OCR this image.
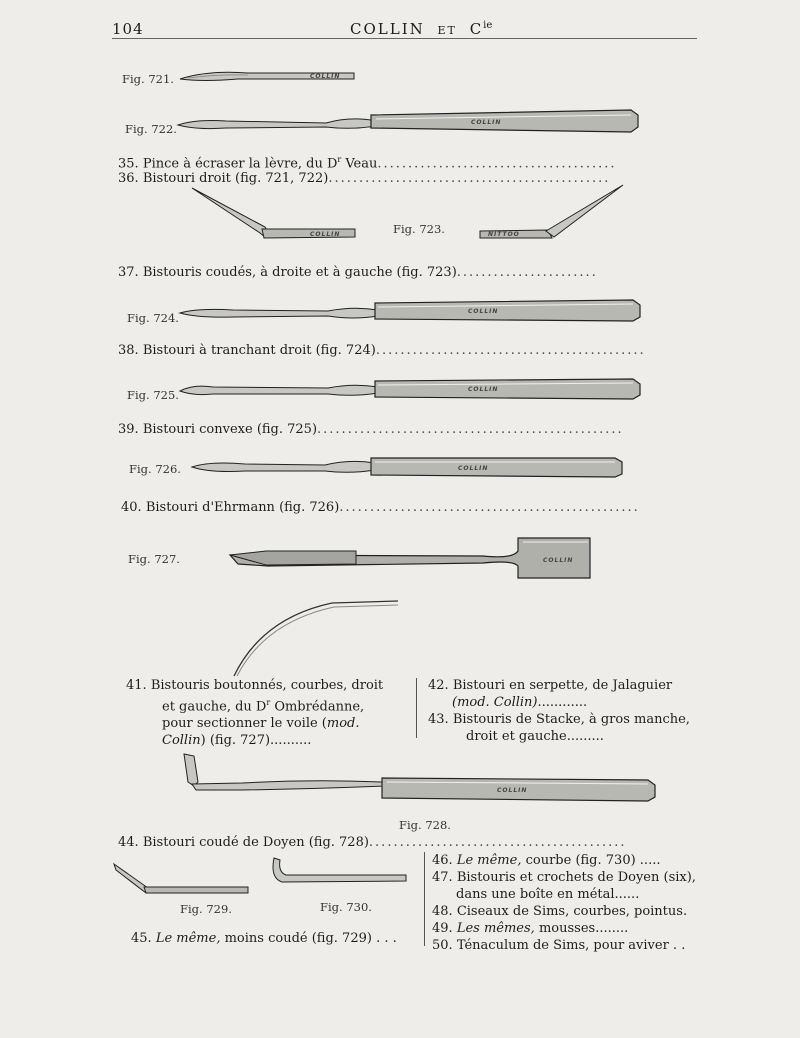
104	COLLIN ET $C^{ie}$
Fig. 721.	COLLIN
Fig. 722.	COLLIN
35. Pince à écraser la lèvre, du $D^r$ Veau.......................................
36. Bistouri droit (fig. 721, 722)..............................................
COLLIN	Fig. 723.	NITTOO
37. Bistouris coudés, à droite et à gauche (fig. 723).......................
Fig. 724.	COLLIN
38. Bistouri à tranchant droit (fig. 724)............................................
Fig. 725.	COLLIN
39. Bistouri convexe (fig. 725)..................................................
Fig. 726.	COLLIN
40. Bistouri d'Ehrmann (fig. 726).................................................
Fig. 727.	COLLIN
41. Bistouris boutonnés, courbes, droit
et gauche, du $D^r$ Ombrédanne,
pour sectionner le voile (mod.
Collin) (fig. 727)..........
42. Bistouri en serpette, de Jalaguier
(mod. Collin)............
43. Bistouris de Stacke, à gros manche,
droit et gauche.........
COLLIN
Fig. 728.
44. Bistouri coudé de Doyen (fig. 728)..........................................
Fig. 729.	Fig. 730.
45. Le même, moins coudé (fig. 729) . . .
46. Le même, courbe (fig. 730) .....
47. Bistouris et crochets de Doyen (six),
dans une boîte en métal......
48. Ciseaux de Sims, courbes, pointus.
49. Les mêmes, mousses........
50. Ténaculum de Sims, pour aviver . .
